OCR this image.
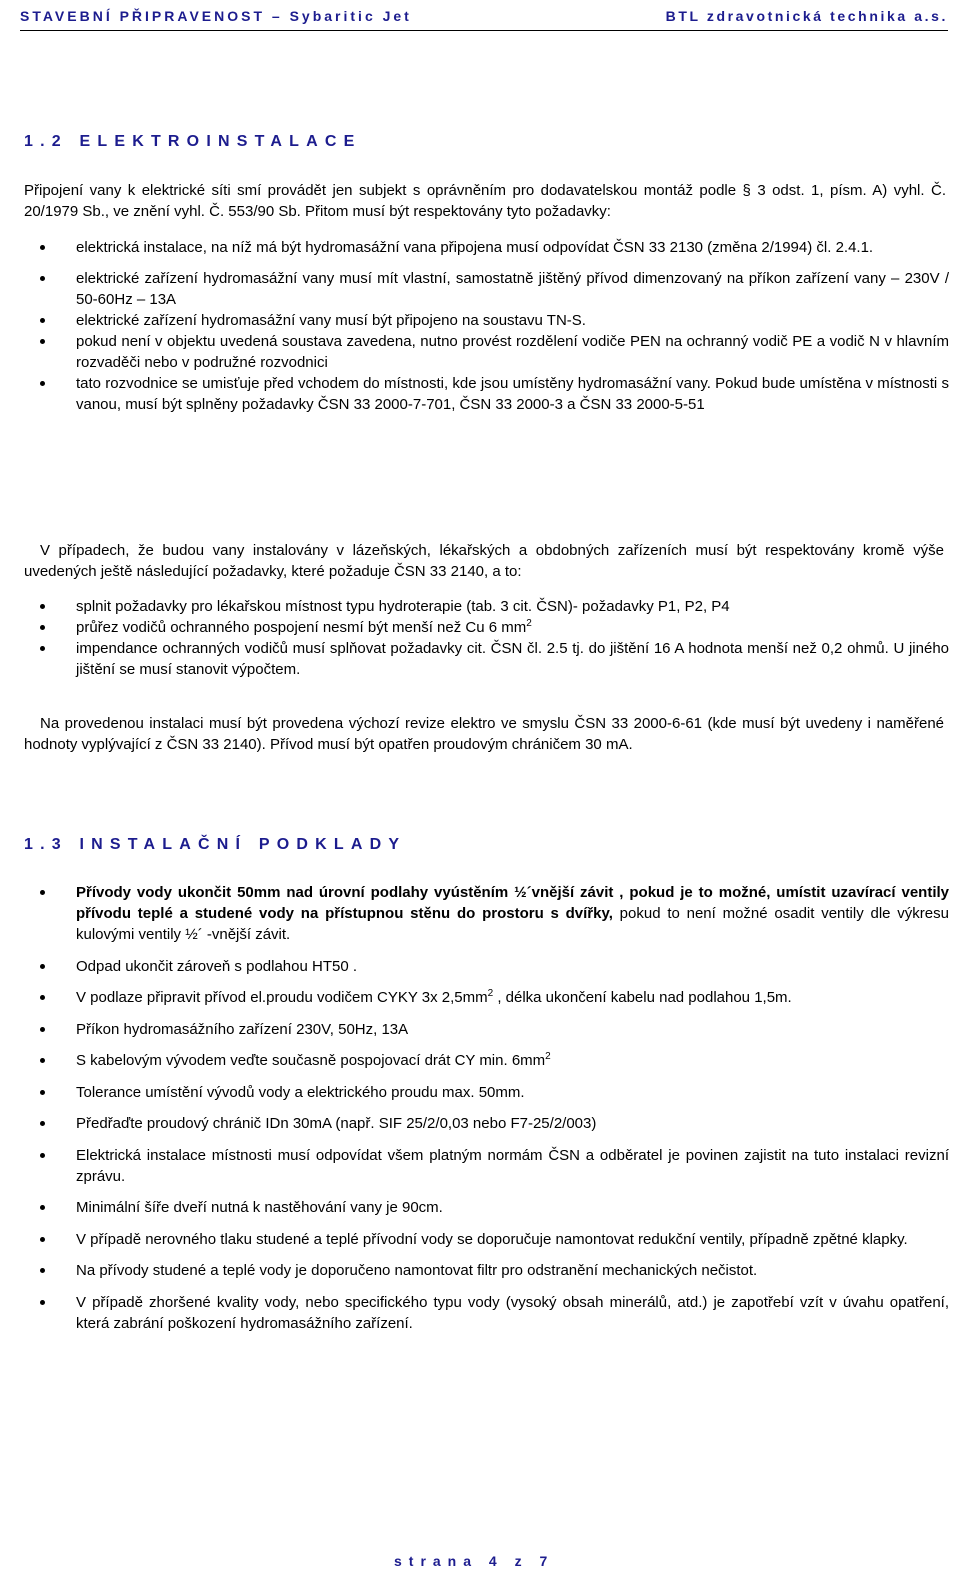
STAVEBNÍ PŘIPRAVENOST – Sybaritic Jet	BTL zdravotnická technika a.s.
1.2 ELEKTROINSTALACE
Připojení vany k elektrické síti smí provádět jen subjekt s oprávněním pro dodavatelskou montáž podle § 3 odst. 1, písm. A) vyhl. Č. 20/1979 Sb., ve znění vyhl. Č. 553/90 Sb. Přitom musí být respektovány tyto požadavky:
elektrická instalace, na níž má být hydromasážní vana připojena musí odpovídat ČSN 33 2130 (změna 2/1994) čl. 2.4.1.
elektrické zařízení hydromasážní vany musí mít vlastní, samostatně jištěný přívod dimenzovaný na příkon zařízení vany – 230V / 50-60Hz – 13A
elektrické zařízení hydromasážní vany musí být připojeno na soustavu TN-S.
pokud není v objektu uvedená soustava zavedena, nutno provést rozdělení vodiče PEN na ochranný vodič PE a vodič N v hlavním rozvaděči nebo v podružné rozvodnici
tato rozvodnice se umisťuje před vchodem do místnosti, kde jsou umístěny hydromasážní vany. Pokud bude umístěna v místnosti s vanou, musí být splněny požadavky ČSN 33 2000-7-701, ČSN 33 2000-3 a ČSN 33 2000-5-51
V případech, že budou vany instalovány v lázeňských, lékařských a obdobných zařízeních musí být respektovány kromě výše uvedených ještě následující požadavky, které požaduje ČSN 33 2140, a to:
splnit požadavky pro lékařskou místnost typu hydroterapie (tab. 3 cit. ČSN)- požadavky P1, P2, P4
průřez vodičů ochranného pospojení nesmí být menší než Cu 6 $mm^2$
impendance ochranných vodičů musí splňovat požadavky cit. ČSN čl. 2.5 tj. do jištění 16 A hodnota menší než 0,2 ohmů. U jiného jištění se musí stanovit výpočtem.
Na provedenou instalaci musí být provedena výchozí revize elektro ve smyslu ČSN 33 2000-6-61 (kde musí být uvedeny i naměřené hodnoty vyplývající z ČSN 33 2140). Přívod musí být opatřen proudovým chráničem 30 mA.
1.3 INSTALAČNÍ PODKLADY
Přívody vody ukončit 50mm nad úrovní podlahy vyústěním ½´vnější závit , pokud je to možné, umístit uzavírací ventily přívodu teplé a studené vody na přístupnou stěnu do prostoru s dvířky, pokud to není možné osadit ventily dle výkresu kulovými ventily ½´ -vnější závit.
Odpad ukončit zároveň s podlahou HT50 .
V podlaze připravit přívod el.proudu vodičem CYKY 3x $2,5mm^2$ , délka ukončení kabelu nad podlahou 1,5m.
Příkon hydromasážního zařízení 230V, 50Hz, 13A
S kabelovým vývodem veďte současně pospojovací drát CY min. $6mm^2$
Tolerance umístění vývodů vody a elektrického proudu max. 50mm.
Předřaďte proudový chránič IDn 30mA (např. SIF 25/2/0,03 nebo F7-25/2/003)
Elektrická instalace místnosti musí odpovídat všem platným normám ČSN a odběratel je povinen zajistit na tuto instalaci revizní zprávu.
Minimální šíře dveří nutná k nastěhování vany je 90cm.
V případě nerovného tlaku studené a teplé přívodní vody se doporučuje namontovat redukční ventily, případně zpětné klapky.
Na přívody studené a teplé vody je doporučeno namontovat filtr pro odstranění mechanických nečistot.
V případě zhoršené kvality vody, nebo specifického typu vody (vysoký obsah minerálů, atd.) je zapotřebí vzít v úvahu opatření, která zabrání poškození hydromasážního zařízení.
strana 4 z 7
